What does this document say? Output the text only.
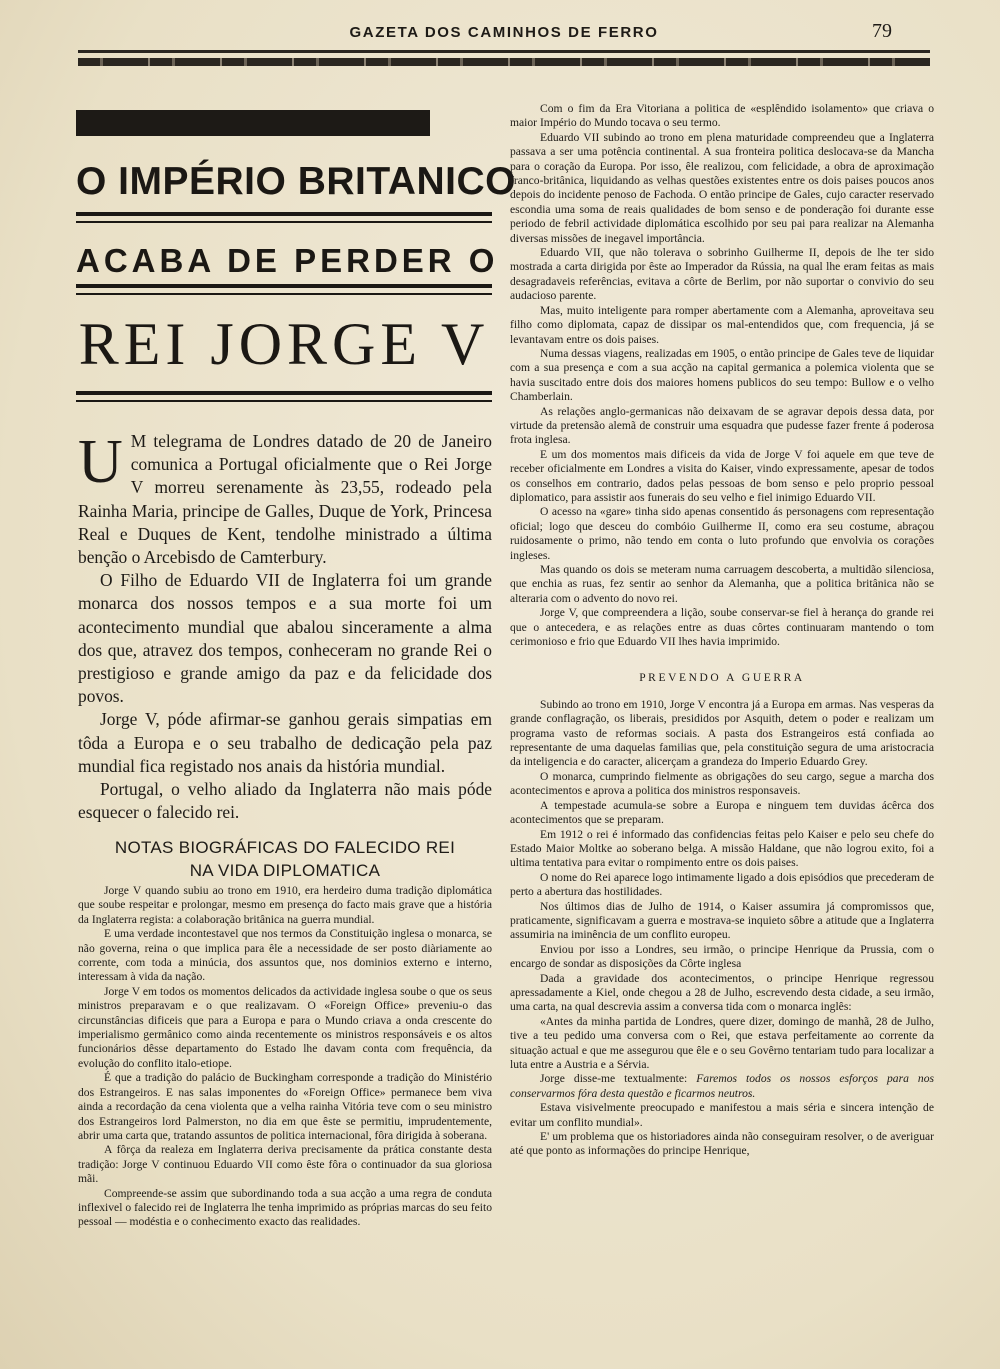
GAZETA DOS CAMINHOS DE FERRO	79
O IMPÉRIO BRITANICO
ACABA DE PERDER O
REI JORGE V

U M telegrama de Londres datado de 20 de Janeiro comunica a Portugal oficialmente que o Rei Jorge V morreu serenamente às 23,55, rodeado pela Rainha Maria, principe de Galles, Duque de York, Princesa Real e Duques de Kent, tendolhe ministrado a última benção o Arcebisdo de Camterbury.

O Filho de Eduardo VII de Inglaterra foi um grande monarca dos nossos tempos e a sua morte foi um acontecimento mundial que abalou sinceramente a alma dos que, atravez dos tempos, conheceram no grande Rei o prestigioso e grande amigo da paz e da felicidade dos povos.

Jorge V, póde afirmar-se ganhou gerais simpatias em tôda a Europa e o seu trabalho de dedicação pela paz mundial fica registado nos anais da história mundial.

Portugal, o velho aliado da Inglaterra não mais póde esquecer o falecido rei.

NOTAS BIOGRÁFICAS DO FALECIDO REI
NA VIDA DIPLOMATICA

Jorge V quando subiu ao trono em 1910, era herdeiro duma tradição diplomática que soube respeitar e prolongar, mesmo em presença do facto mais grave que a história da Inglaterra regista: a colaboração britânica na guerra mundial.

E uma verdade incontestavel que nos termos da Constituição inglesa o monarca, se não governa, reina o que implica para êle a necessidade de ser posto diàriamente ao corrente, com toda a minúcia, dos assuntos que, nos dominios externo e interno, interessam à vida da nação.

Jorge V em todos os momentos delicados da actividade inglesa soube o que os seus ministros preparavam e o que realizavam. O «Foreign Office» preveniu-o das circunstâncias dificeis que para a Europa e para o Mundo criava a onda crescente do imperialismo germânico como ainda recentemente os ministros responsáveis e os altos funcionários dêsse departamento do Estado lhe davam conta com frequência, da evolução do conflito italo-etiope.

É que a tradição do palácio de Buckingham corresponde a tradição do Ministério dos Estrangeiros. E nas salas imponentes do «Foreign Office» permanece bem viva ainda a recordação da cena violenta que a velha rainha Vitória teve com o seu ministro dos Estrangeiros lord Palmerston, no dia em que êste se permitiu, imprudentemente, abrir uma carta que, tratando assuntos de politica internacional, fôra dirigida à soberana.

A fôrça da realeza em Inglaterra deriva precisamente da prática constante desta tradição: Jorge V continuou Eduardo VII como êste fôra o continuador da sua gloriosa mãi.

Compreende-se assim que subordinando toda a sua acção a uma regra de conduta inflexivel o falecido rei de Inglaterra lhe tenha imprimido as próprias marcas do seu feito pessoal — modéstia e o conhecimento exacto das realidades.

Com o fim da Era Vitoriana a politica de «esplêndido isolamento» que criava o maior Império do Mundo tocava o seu termo.

Eduardo VII subindo ao trono em plena maturidade compreendeu que a Inglaterra passava a ser uma potência continental. A sua fronteira politica deslocava-se da Mancha para o coração da Europa. Por isso, êle realizou, com felicidade, a obra de aproximação franco-britânica, liquidando as velhas questões existentes entre os dois paises poucos anos depois do incidente penoso de Fachoda. O então principe de Gales, cujo caracter reservado escondia uma soma de reais qualidades de bom senso e de ponderação foi durante esse periodo de febril actividade diplomática escolhido por seu pai para realizar na Alemanha diversas missões de inegavel importância.

Eduardo VII, que não tolerava o sobrinho Guilherme II, depois de lhe ter sido mostrada a carta dirigida por êste ao Imperador da Rússia, na qual lhe eram feitas as mais desagradaveis referências, evitava a côrte de Berlim, por não suportar o convivio do seu audacioso parente.

Mas, muito inteligente para romper abertamente com a Alemanha, aproveitava seu filho como diplomata, capaz de dissipar os mal-entendidos que, com frequencia, já se levantavam entre os dois paises.

Numa dessas viagens, realizadas em 1905, o então principe de Gales teve de liquidar com a sua presença e com a sua acção na capital germanica a polemica violenta que se havia suscitado entre dois dos maiores homens publicos do seu tempo: Bullow e o velho Chamberlain.

As relações anglo-germanicas não deixavam de se agravar depois dessa data, por virtude da pretensão alemã de construir uma esquadra que pudesse fazer frente á poderosa frota inglesa.

E um dos momentos mais dificeis da vida de Jorge V foi aquele em que teve de receber oficialmente em Londres a visita do Kaiser, vindo expressamente, apesar de todos os conselhos em contrario, dados pelas pessoas de bom senso e pelo proprio pessoal diplomatico, para assistir aos funerais do seu velho e fiel inimigo Eduardo VII.

O acesso na «gare» tinha sido apenas consentido ás personagens com representação oficial; logo que desceu do combóio Guilherme II, como era seu costume, abraçou ruidosamente o primo, não tendo em conta o luto profundo que envolvia os corações ingleses.

Mas quando os dois se meteram numa carruagem descoberta, a multidão silenciosa, que enchia as ruas, fez sentir ao senhor da Alemanha, que a politica britânica não se alteraria com o advento do novo rei.

Jorge V, que compreendera a lição, soube conservar-se fiel à herança do grande rei que o antecedera, e as relações entre as duas côrtes continuaram mantendo o tom cerimonioso e frio que Eduardo VII lhes havia imprimido.

PREVENDO A GUERRA

Subindo ao trono em 1910, Jorge V encontra já a Europa em armas. Nas vesperas da grande conflagração, os liberais, presididos por Asquith, detem o poder e realizam um programa vasto de reformas sociais. A pasta dos Estrangeiros está confiada ao representante de uma daquelas familias que, pela constituição segura de uma aristocracia da inteligencia e do caracter, alicerçam a grandeza do Imperio Eduardo Grey.

O monarca, cumprindo fielmente as obrigações do seu cargo, segue a marcha dos acontecimentos e aprova a politica dos ministros responsaveis.

A tempestade acumula-se sobre a Europa e ninguem tem duvidas ácêrca dos acontecimentos que se preparam.

Em 1912 o rei é informado das confidencias feitas pelo Kaiser e pelo seu chefe do Estado Maior Moltke ao soberano belga. A missão Haldane, que não logrou exito, foi a ultima tentativa para evitar o rompimento entre os dois paises.

O nome do Rei aparece logo intimamente ligado a dois episódios que precederam de perto a abertura das hostilidades.

Nos últimos dias de Julho de 1914, o Kaiser assumira já compromissos que, praticamente, significavam a guerra e mostrava-se inquieto sôbre a atitude que a Inglaterra assumiria na iminência de um conflito europeu.

Enviou por isso a Londres, seu irmão, o principe Henrique da Prussia, com o encargo de sondar as disposições da Côrte inglesa

Dada a gravidade dos acontecimentos, o principe Henrique regressou apressadamente a Kiel, onde chegou a 28 de Julho, escrevendo desta cidade, a seu irmão, uma carta, na qual descrevia assim a conversa tida com o monarca inglês:

«Antes da minha partida de Londres, quere dizer, domingo de manhã, 28 de Julho, tive a teu pedido uma conversa com o Rei, que estava perfeitamente ao corrente da situação actual e que me assegurou que êle e o seu Govêrno tentariam tudo para localizar a luta entre a Austria e a Sérvia.

Jorge disse-me textualmente: Faremos todos os nossos esforços para nos conservarmos fóra desta questão e ficarmos neutros.

Estava visivelmente preocupado e manifestou a mais séria e sincera intenção de evitar um conflito mundial».

E' um problema que os historiadores ainda não conseguiram resolver, o de averiguar até que ponto as informações do principe Henrique,
